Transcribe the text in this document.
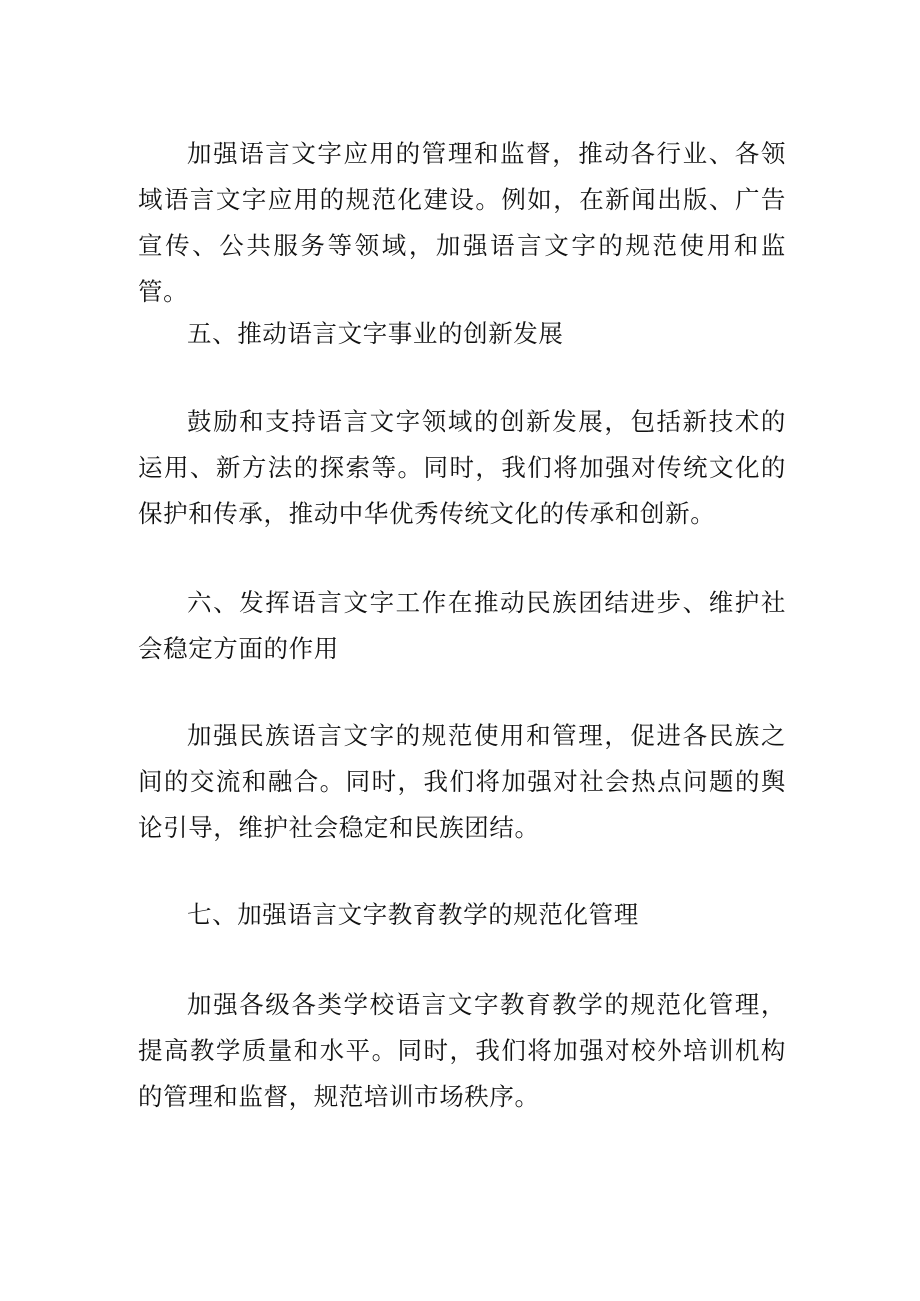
加强语言文字应用的管理和监督，推动各行业、各领域语言文字应用的规范化建设。例如，在新闻出版、广告宣传、公共服务等领域，加强语言文字的规范使用和监管。

五、推动语言文字事业的创新发展

鼓励和支持语言文字领域的创新发展，包括新技术的运用、新方法的探索等。同时，我们将加强对传统文化的保护和传承，推动中华优秀传统文化的传承和创新。

六、发挥语言文字工作在推动民族团结进步、维护社会稳定方面的作用

加强民族语言文字的规范使用和管理，促进各民族之间的交流和融合。同时，我们将加强对社会热点问题的舆论引导，维护社会稳定和民族团结。

七、加强语言文字教育教学的规范化管理

加强各级各类学校语言文字教育教学的规范化管理，提高教学质量和水平。同时，我们将加强对校外培训机构的管理和监督，规范培训市场秩序。
